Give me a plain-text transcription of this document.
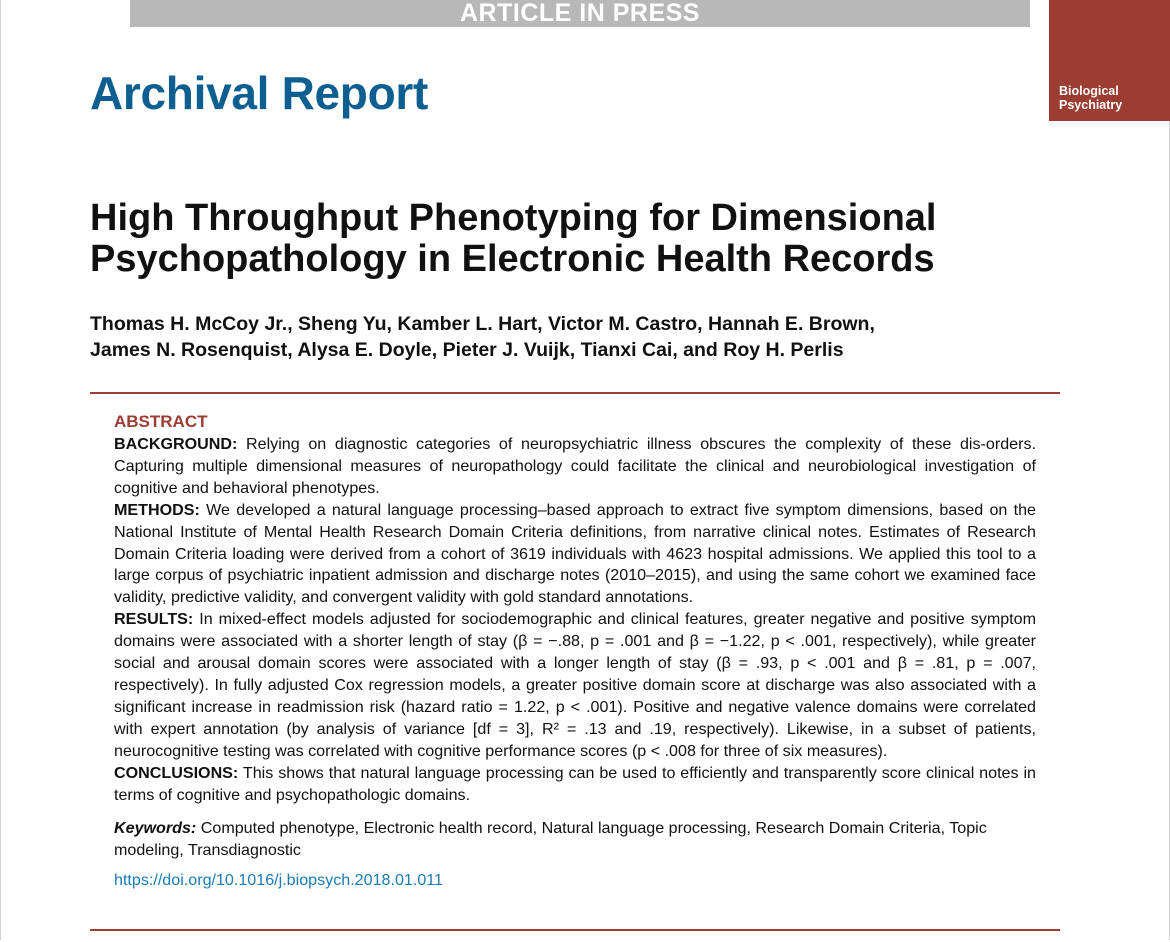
ARTICLE IN PRESS
Biological
Psychiatry
Archival Report
High Throughput Phenotyping for Dimensional
Psychopathology in Electronic Health Records
Thomas H. McCoy Jr., Sheng Yu, Kamber L. Hart, Victor M. Castro, Hannah E. Brown,
James N. Rosenquist, Alysa E. Doyle, Pieter J. Vuijk, Tianxi Cai, and Roy H. Perlis
ABSTRACT

BACKGROUND: Relying on diagnostic categories of neuropsychiatric illness obscures the complexity of these dis-orders. Capturing multiple dimensional measures of neuropathology could facilitate the clinical and neurobiological investigation of cognitive and behavioral phenotypes.

METHODS: We developed a natural language processing–based approach to extract five symptom dimensions, based on the National Institute of Mental Health Research Domain Criteria definitions, from narrative clinical notes. Estimates of Research Domain Criteria loading were derived from a cohort of 3619 individuals with 4623 hospital admissions. We applied this tool to a large corpus of psychiatric inpatient admission and discharge notes (2010–2015), and using the same cohort we examined face validity, predictive validity, and convergent validity with gold standard annotations.

RESULTS: In mixed-effect models adjusted for sociodemographic and clinical features, greater negative and positive symptom domains were associated with a shorter length of stay (β = −.88, p = .001 and β = −1.22, p < .001, respectively), while greater social and arousal domain scores were associated with a longer length of stay (β = .93, p < .001 and β = .81, p = .007, respectively). In fully adjusted Cox regression models, a greater positive domain score at discharge was also associated with a significant increase in readmission risk (hazard ratio = 1.22, p < .001). Positive and negative valence domains were correlated with expert annotation (by analysis of variance [df = 3], R² = .13 and .19, respectively). Likewise, in a subset of patients, neurocognitive testing was correlated with cognitive performance scores (p < .008 for three of six measures).

CONCLUSIONS: This shows that natural language processing can be used to efficiently and transparently score clinical notes in terms of cognitive and psychopathologic domains.

Keywords: Computed phenotype, Electronic health record, Natural language processing, Research Domain Criteria, Topic modeling, Transdiagnostic

https://doi.org/10.1016/j.biopsych.2018.01.011
